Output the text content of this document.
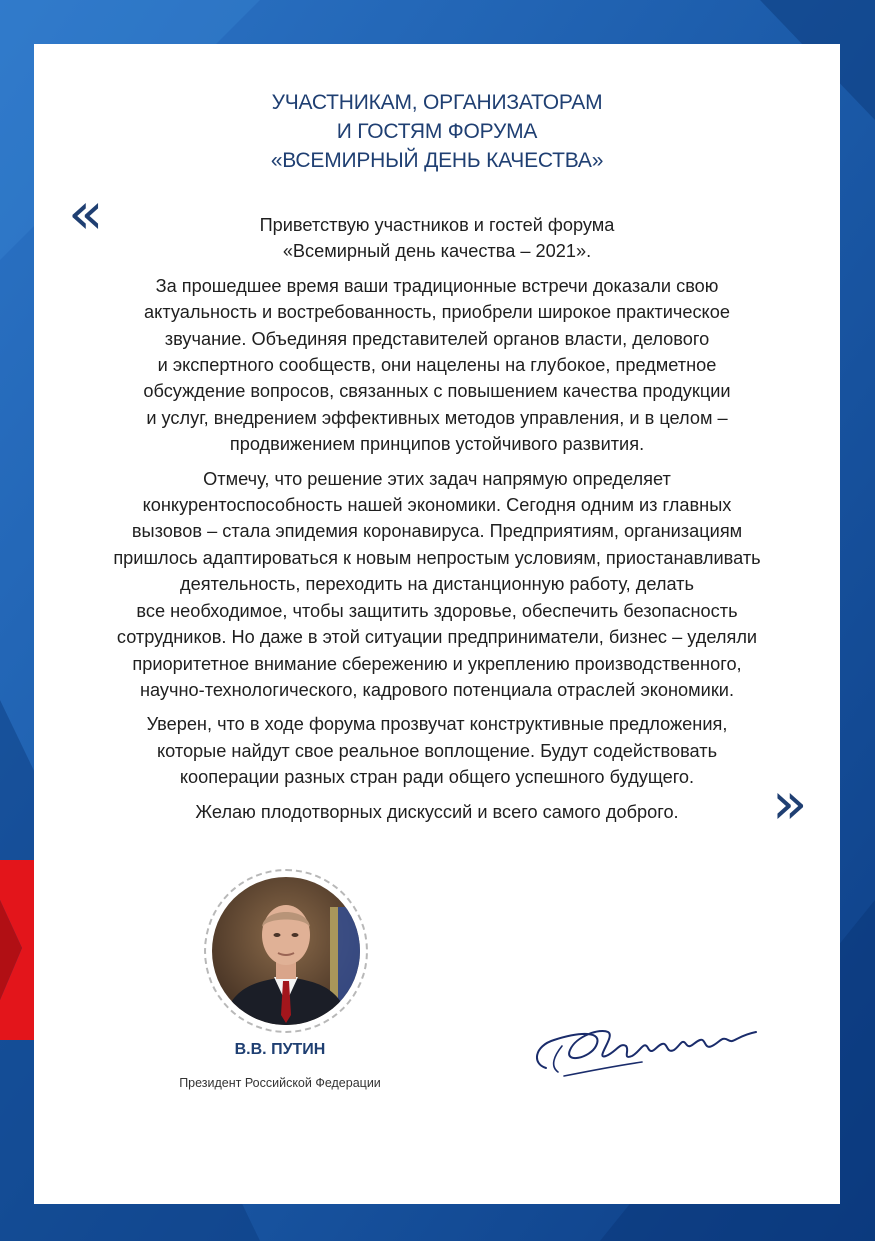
УЧАСТНИКАМ, ОРГАНИЗАТОРАМ
И ГОСТЯМ ФОРУМА
«ВСЕМИРНЫЙ ДЕНЬ КАЧЕСТВА»
«	Приветствую участников и гостей форума
«Всемирный день качества – 2021».

За прошедшее время ваши традиционные встречи доказали свою
актуальность и востребованность, приобрели широкое практическое
звучание. Объединяя представителей органов власти, делового
и экспертного сообществ, они нацелены на глубокое, предметное
обсуждение вопросов, связанных с повышением качества продукции
и услуг, внедрением эффективных методов управления, и в целом –
продвижением принципов устойчивого развития.

Отмечу, что решение этих задач напрямую определяет
конкурентоспособность нашей экономики. Сегодня одним из главных
вызовов – стала эпидемия коронавируса. Предприятиям, организациям
пришлось адаптироваться к новым непростым условиям, приостанавливать
деятельность, переходить на дистанционную работу, делать
все необходимое, чтобы защитить здоровье, обеспечить безопасность
сотрудников. Но даже в этой ситуации предприниматели, бизнес – уделяли
приоритетное внимание сбережению и укреплению производственного,
научно-технологического, кадрового потенциала отраслей экономики.

Уверен, что в ходе форума прозвучат конструктивные предложения,
которые найдут свое реальное воплощение. Будут содействовать
кооперации разных стран ради общего успешного будущего.

Желаю плодотворных дискуссий и всего самого доброго.	»
В.В. ПУТИН
Президент Российской Федерации
